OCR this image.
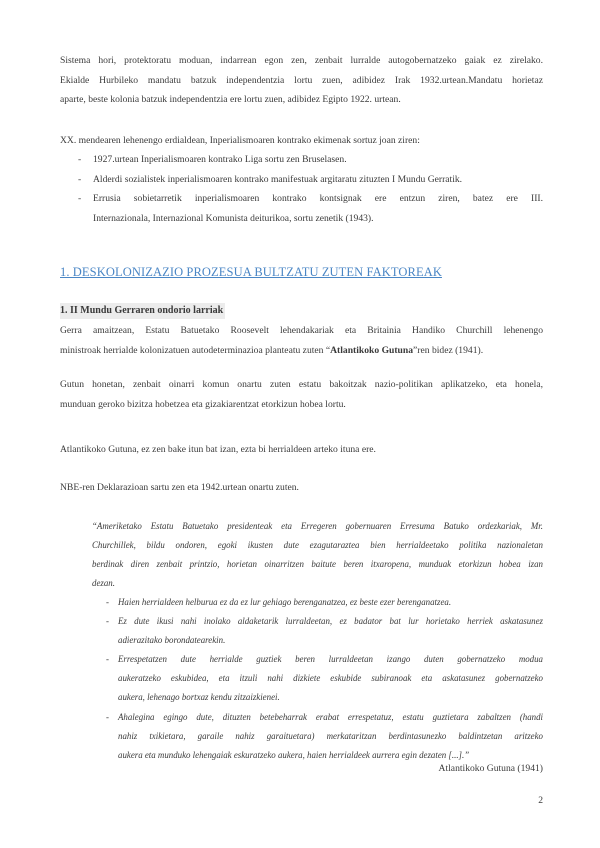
Sistema hori, protektoratu moduan, indarrean egon zen, zenbait lurralde autogobernatzeko gaiak ez zirelako.
Ekialde Hurbileko mandatu batzuk independentzia lortu zuen, adibidez Irak 1932.urtean.Mandatu horietaz
aparte, beste kolonia batzuk independentzia ere lortu zuen, adibidez Egipto 1922. urtean.

XX. mendearen lehenengo erdialdean, Inperialismoaren kontrako ekimenak sortuz joan ziren:

- 1927.urtean Inperialismoaren kontrako Liga sortu zen Bruselasen.
- Alderdi sozialistek inperialismoaren kontrako manifestuak argitaratu zituzten I Mundu Gerratik.
- Errusia sobietarretik inperialismoaren kontrako kontsignak ere entzun ziren, batez ere III.
Internazionala, Internazional Komunista deiturikoa, sortu zenetik (1943).
1. DESKOLONIZAZIO PROZESUA BULTZATU ZUTEN FAKTOREAK
1. II Mundu Gerraren ondorio larriak

Gerra amaitzean, Estatu Batuetako Roosevelt lehendakariak eta Britainia Handiko Churchill lehenengo
ministroak herrialde kolonizatuen autodeterminazioa planteatu zuten “Atlantikoko Gutuna”ren bidez (1941).

Gutun honetan, zenbait oinarri komun onartu zuten estatu bakoitzak nazio-politikan aplikatzeko, eta honela,
munduan geroko bizitza hobetzea eta gizakiarentzat etorkizun hobea lortu.

Atlantikoko Gutuna, ez zen bake itun bat izan, ezta bi herrialdeen arteko ituna ere.

NBE-ren Deklarazioan sartu zen eta 1942.urtean onartu zuten.

“Ameriketako Estatu Batuetako presidenteak eta Erregeren gobernuaren Erresuma Batuko ordezkariak, Mr.
Churchillek, bildu ondoren, egoki ikusten dute ezagutaraztea bien herrialdeetako politika nazionaletan
berdinak diren zenbait printzio, horietan oinarritzen baitute beren itxaropena, munduak etorkizun hobea izan
dezan.

- Haien herrialdeen helburua ez da ez lur gehiago berenganatzea, ez beste ezer berenganatzea.
- Ez dute ikusi nahi inolako aldaketarik lurraldeetan, ez badator bat lur horietako herriek askatasunez
adierazitako borondatearekin.
- Errespetatzen dute herrialde guztiek beren lurraldeetan izango duten gobernatzeko modua
aukeratzeko eskubidea, eta itzuli nahi dizkiete eskubide subiranoak eta askatasunez gobernatzeko
aukera, lehenago bortxaz kendu zitzaizkienei.
- Ahalegina egingo dute, dituzten betebeharrak erabat errespetatuz, estatu guztietara zabaltzen (handi
nahiz txikietara, garaile nahiz garaituetara) merkataritzan berdintasunezko baldintzetan aritzeko
aukera eta munduko lehengaiak eskuratzeko aukera, haien herrialdeek aurrera egin dezaten [...].”
Atlantikoko Gutuna (1941)
2
